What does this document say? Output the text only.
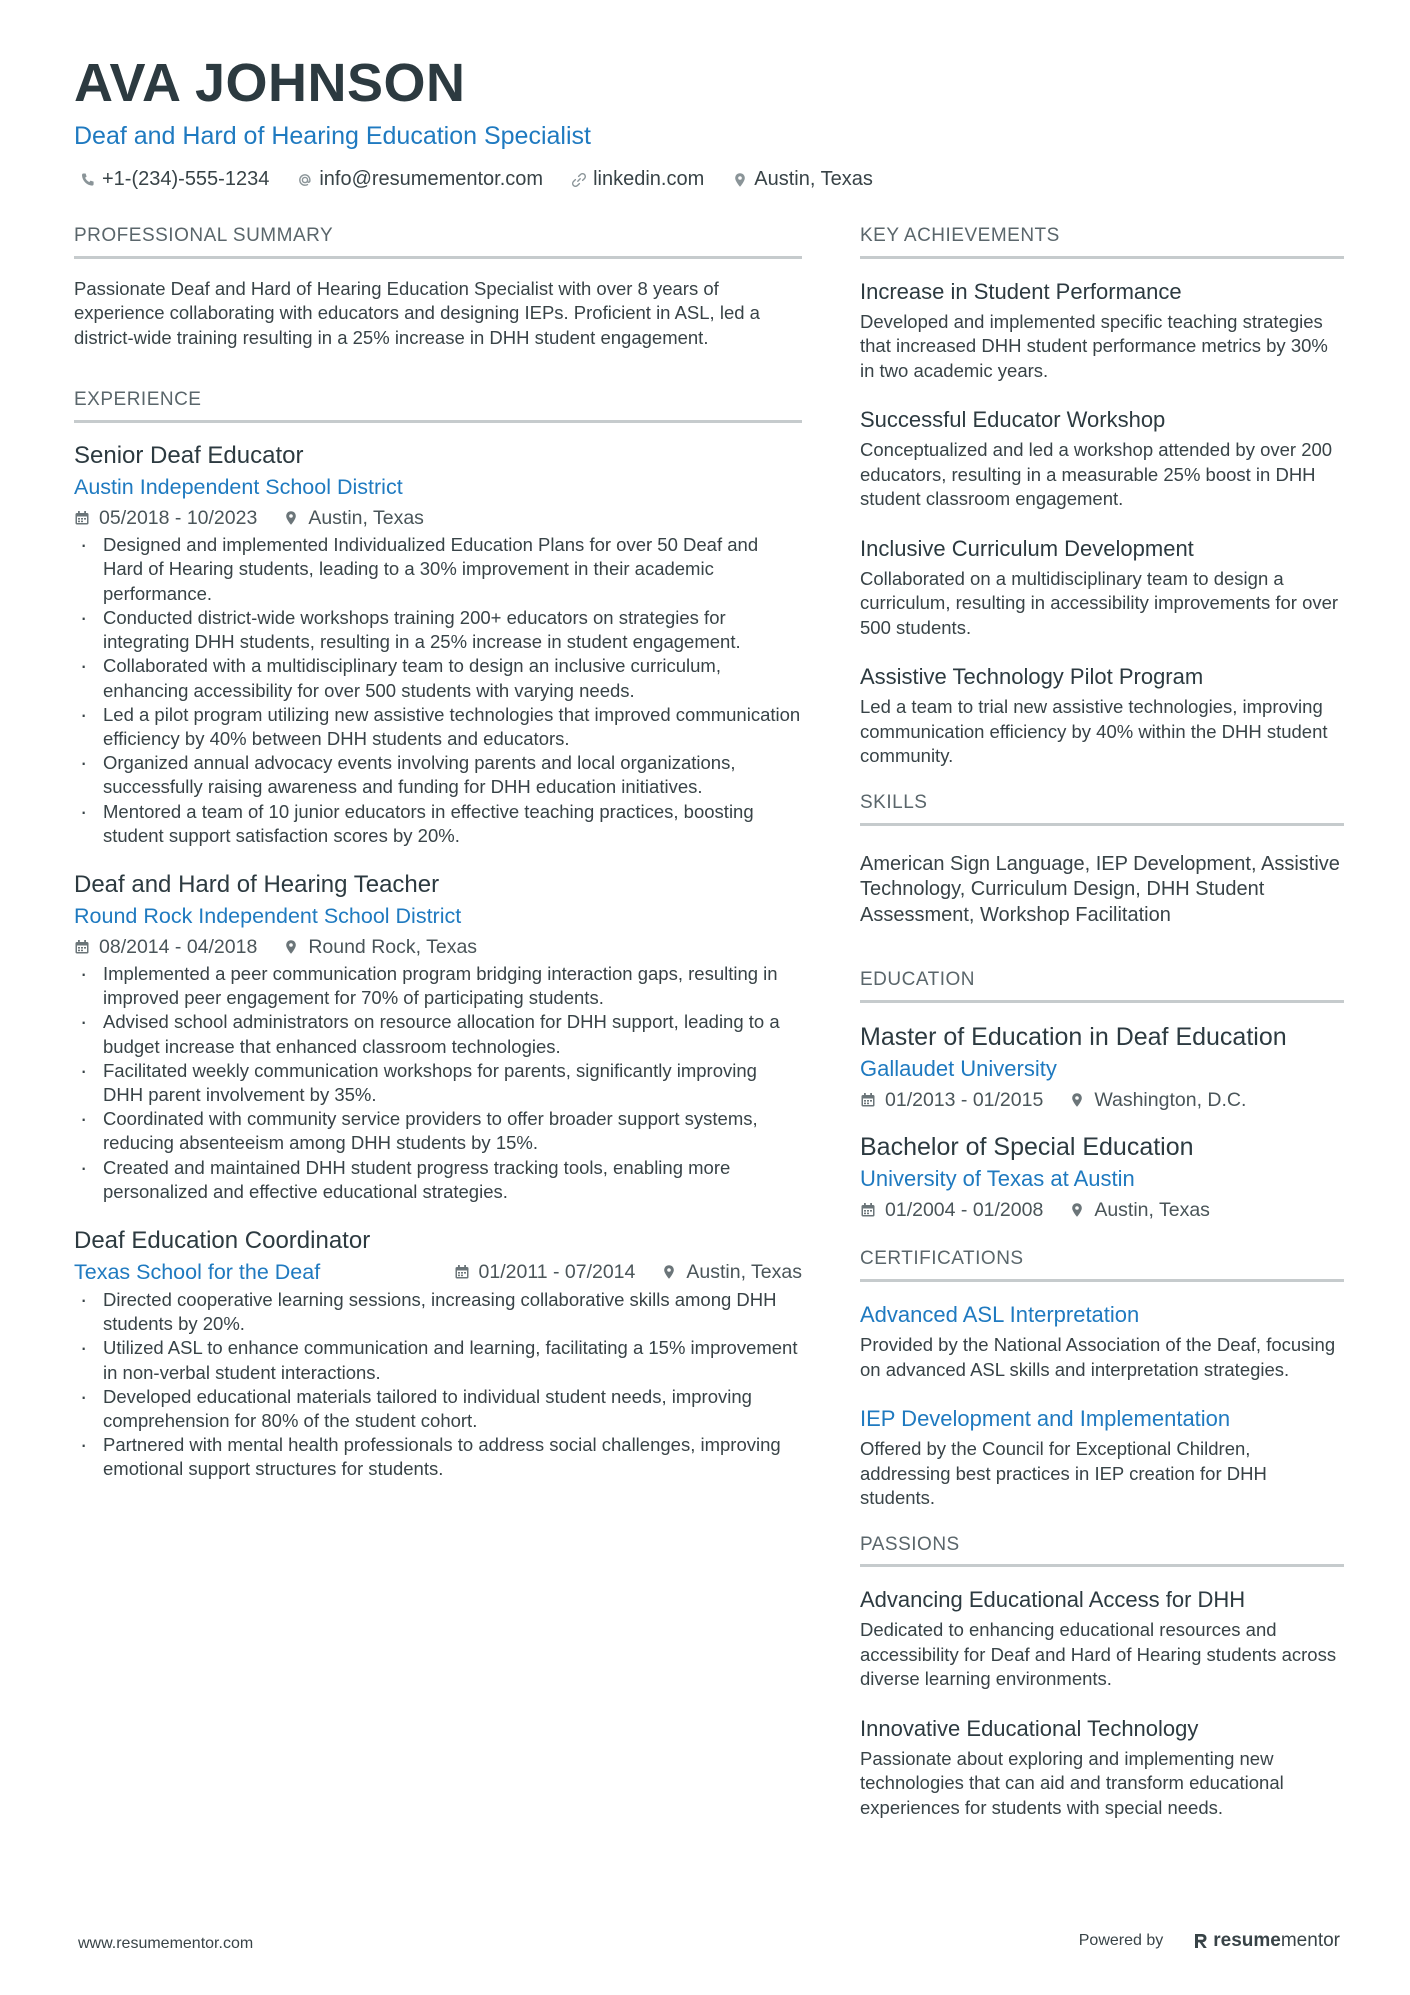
AVA JOHNSON
Deaf and Hard of Hearing Education Specialist
+1-(234)-555-1234	info@resumementor.com	linkedin.com	Austin, Texas
PROFESSIONAL SUMMARY
Passionate Deaf and Hard of Hearing Education Specialist with over 8 years of experience collaborating with educators and designing IEPs. Proficient in ASL, led a district-wide training resulting in a 25% increase in DHH student engagement.
EXPERIENCE
Senior Deaf Educator
Austin Independent School District
05/2018 - 10/2023	Austin, Texas
· Designed and implemented Individualized Education Plans for over 50 Deaf and Hard of Hearing students, leading to a 30% improvement in their academic performance.
· Conducted district-wide workshops training 200+ educators on strategies for integrating DHH students, resulting in a 25% increase in student engagement.
· Collaborated with a multidisciplinary team to design an inclusive curriculum, enhancing accessibility for over 500 students with varying needs.
· Led a pilot program utilizing new assistive technologies that improved communication efficiency by 40% between DHH students and educators.
· Organized annual advocacy events involving parents and local organizations, successfully raising awareness and funding for DHH education initiatives.
· Mentored a team of 10 junior educators in effective teaching practices, boosting student support satisfaction scores by 20%.
Deaf and Hard of Hearing Teacher
Round Rock Independent School District
08/2014 - 04/2018	Round Rock, Texas
· Implemented a peer communication program bridging interaction gaps, resulting in improved peer engagement for 70% of participating students.
· Advised school administrators on resource allocation for DHH support, leading to a budget increase that enhanced classroom technologies.
· Facilitated weekly communication workshops for parents, significantly improving DHH parent involvement by 35%.
· Coordinated with community service providers to offer broader support systems, reducing absenteeism among DHH students by 15%.
· Created and maintained DHH student progress tracking tools, enabling more personalized and effective educational strategies.
Deaf Education Coordinator
Texas School for the Deaf	01/2011 - 07/2014	Austin, Texas
· Directed cooperative learning sessions, increasing collaborative skills among DHH students by 20%.
· Utilized ASL to enhance communication and learning, facilitating a 15% improvement in non-verbal student interactions.
· Developed educational materials tailored to individual student needs, improving comprehension for 80% of the student cohort.
· Partnered with mental health professionals to address social challenges, improving emotional support structures for students.
KEY ACHIEVEMENTS
Increase in Student Performance
Developed and implemented specific teaching strategies that increased DHH student performance metrics by 30% in two academic years.
Successful Educator Workshop
Conceptualized and led a workshop attended by over 200 educators, resulting in a measurable 25% boost in DHH student classroom engagement.
Inclusive Curriculum Development
Collaborated on a multidisciplinary team to design a curriculum, resulting in accessibility improvements for over 500 students.
Assistive Technology Pilot Program
Led a team to trial new assistive technologies, improving communication efficiency by 40% within the DHH student community.
SKILLS
American Sign Language, IEP Development, Assistive Technology, Curriculum Design, DHH Student Assessment, Workshop Facilitation
EDUCATION
Master of Education in Deaf Education
Gallaudet University
01/2013 - 01/2015	Washington, D.C.
Bachelor of Special Education
University of Texas at Austin
01/2004 - 01/2008	Austin, Texas
CERTIFICATIONS
Advanced ASL Interpretation
Provided by the National Association of the Deaf, focusing on advanced ASL skills and interpretation strategies.
IEP Development and Implementation
Offered by the Council for Exceptional Children, addressing best practices in IEP creation for DHH students.
PASSIONS
Advancing Educational Access for DHH
Dedicated to enhancing educational resources and accessibility for Deaf and Hard of Hearing students across diverse learning environments.
Innovative Educational Technology
Passionate about exploring and implementing new technologies that can aid and transform educational experiences for students with special needs.
www.resumementor.com	Powered by	resume mentor
